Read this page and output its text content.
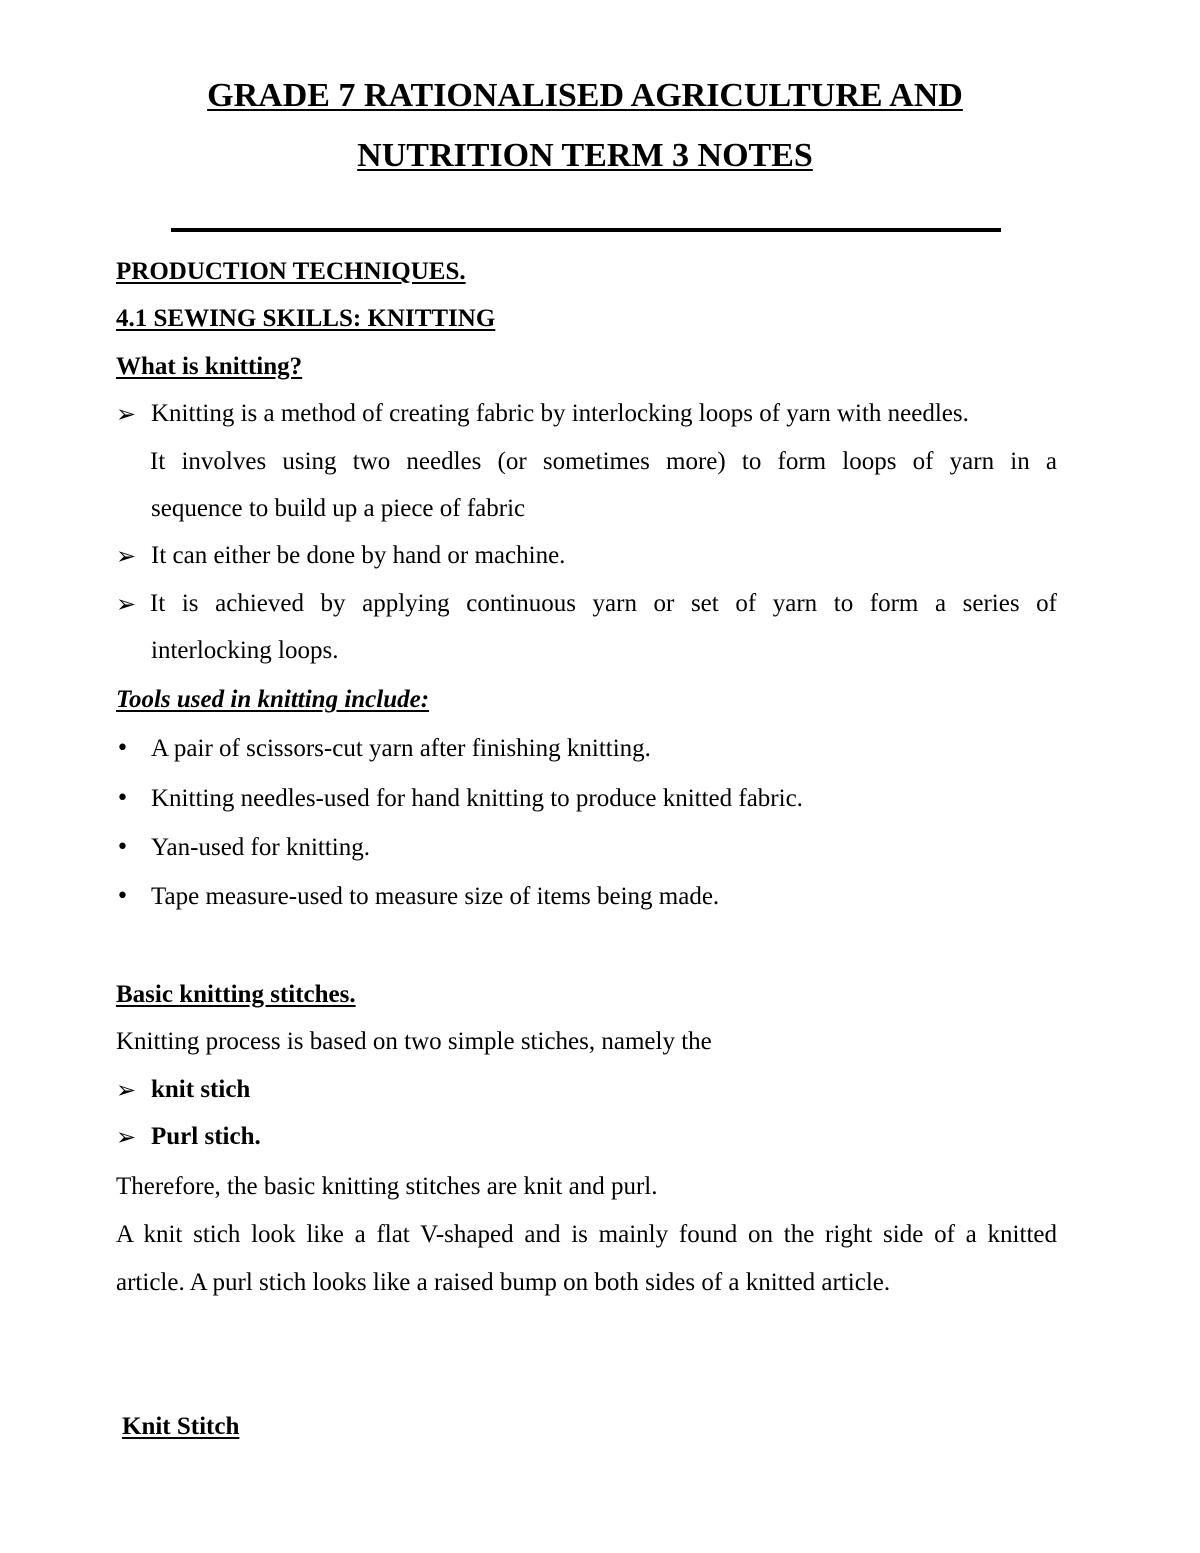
GRADE 7 RATIONALISED AGRICULTURE AND
NUTRITION TERM 3 NOTES
PRODUCTION TECHNIQUES.
4.1 SEWING SKILLS: KNITTING
What is knitting?
➢ Knitting is a method of creating fabric by interlocking loops of yarn with needles.
It involves using two needles (or sometimes more) to form loops of yarn in a
sequence to build up a piece of fabric
➢ It can either be done by hand or machine.
➢ It is achieved by applying continuous yarn or set of yarn to form a series of
interlocking loops.
Tools used in knitting include:
• A pair of scissors-cut yarn after finishing knitting.
• Knitting needles-used for hand knitting to produce knitted fabric.
• Yan-used for knitting.
• Tape measure-used to measure size of items being made.
Basic knitting stitches.
Knitting process is based on two simple stiches, namely the
➢ knit stich
➢ Purl stich.
Therefore, the basic knitting stitches are knit and purl.
A knit stich look like a flat V-shaped and is mainly found on the right side of a knitted
article. A purl stich looks like a raised bump on both sides of a knitted article.
Knit Stitch
